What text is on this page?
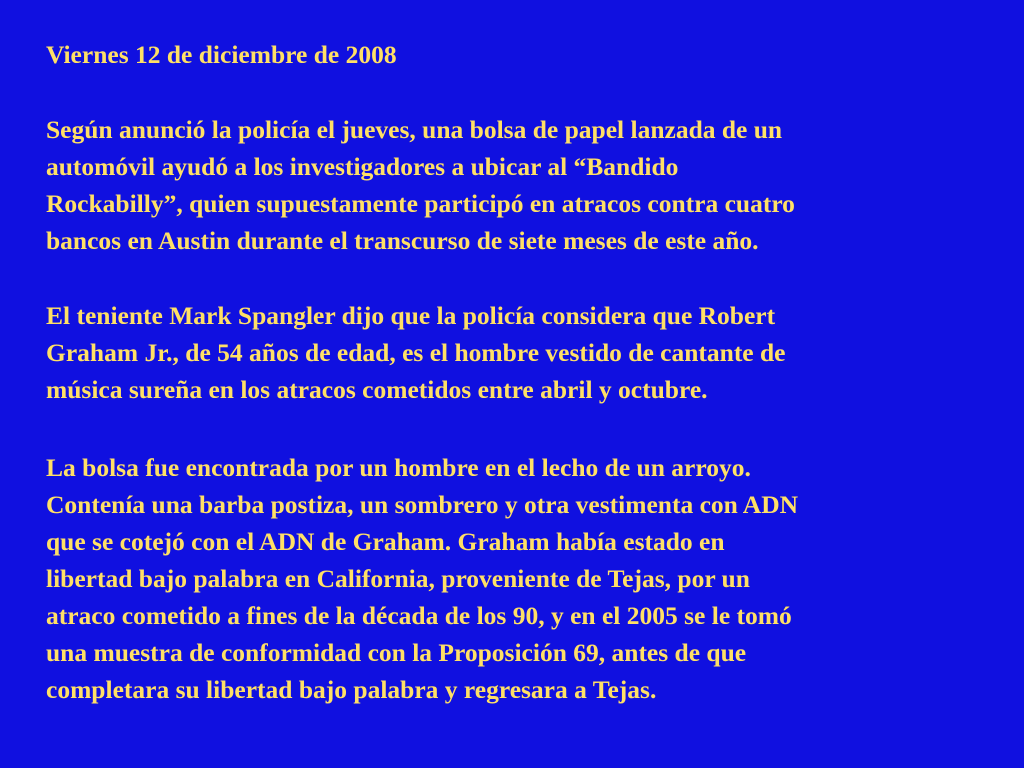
Viernes 12 de diciembre de 2008
Según anunció la policía el jueves, una bolsa de papel lanzada de un
automóvil ayudó a los investigadores a ubicar al “Bandido
Rockabilly”, quien supuestamente participó en atracos contra cuatro
bancos en Austin durante el transcurso de siete meses de este año.
El teniente Mark Spangler dijo que la policía considera que Robert
Graham Jr., de 54 años de edad, es el hombre vestido de cantante de
música sureña en los atracos cometidos entre abril y octubre.
La bolsa fue encontrada por un hombre en el lecho de un arroyo.
Contenía una barba postiza, un sombrero y otra vestimenta con ADN
que se cotejó con el ADN de Graham. Graham había estado en
libertad bajo palabra en California, proveniente de Tejas, por un
atraco cometido a fines de la década de los 90, y en el 2005 se le tomó
una muestra de conformidad con la Proposición 69, antes de que
completara su libertad bajo palabra y regresara a Tejas.
